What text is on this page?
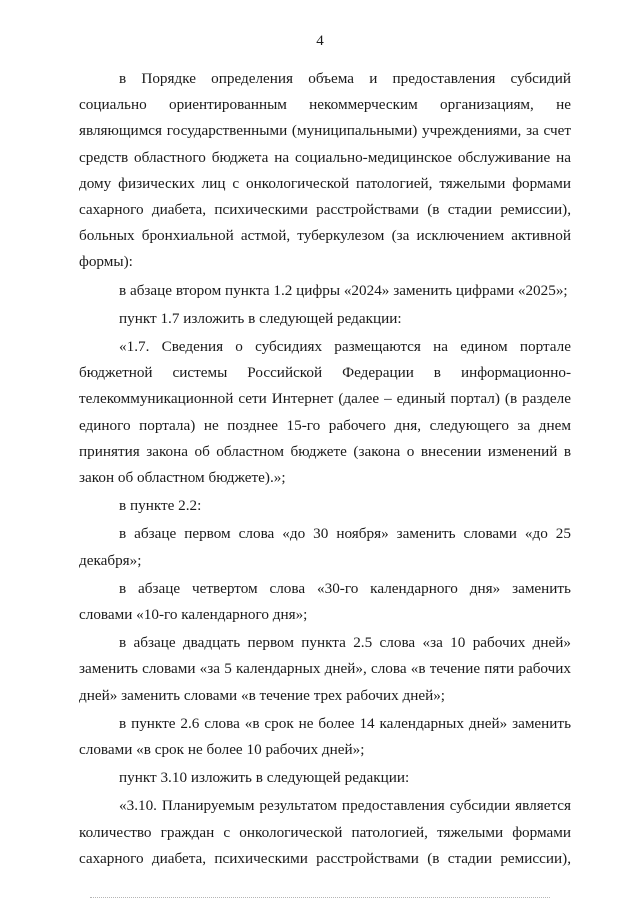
4

в Порядке определения объема и предоставления субсидий социально ориентированным некоммерческим организациям, не являющимся государственными (муниципальными) учреждениями, за счет средств областного бюджета на социально-медицинское обслуживание на дому физических лиц с онкологической патологией, тяжелыми формами сахарного диабета, психическими расстройствами (в стадии ремиссии), больных бронхиальной астмой, туберкулезом (за исключением активной формы):

в абзаце втором пункта 1.2 цифры «2024» заменить цифрами «2025»;

пункт 1.7 изложить в следующей редакции:

«1.7. Сведения о субсидиях размещаются на едином портале бюджетной системы Российской Федерации в информационно-телекоммуникационной сети Интернет (далее – единый портал) (в разделе единого портала) не позднее 15-го рабочего дня, следующего за днем принятия закона об областном бюджете (закона о внесении изменений в закон об областном бюджете).»;

в пункте 2.2:

в абзаце первом слова «до 30 ноября» заменить словами «до 25 декабря»;

в абзаце четвертом слова «30-го календарного дня» заменить словами «10-го календарного дня»;

в абзаце двадцать первом пункта 2.5 слова «за 10 рабочих дней» заменить словами «за 5 календарных дней», слова «в течение пяти рабочих дней» заменить словами «в течение трех рабочих дней»;

в пункте 2.6 слова «в срок не более 14 календарных дней» заменить словами «в срок не более 10 рабочих дней»;

пункт 3.10 изложить в следующей редакции:

«3.10. Планируемым результатом предоставления субсидии является количество граждан с онкологической патологией, тяжелыми формами сахарного диабета, психическими расстройствами (в стадии ремиссии),
